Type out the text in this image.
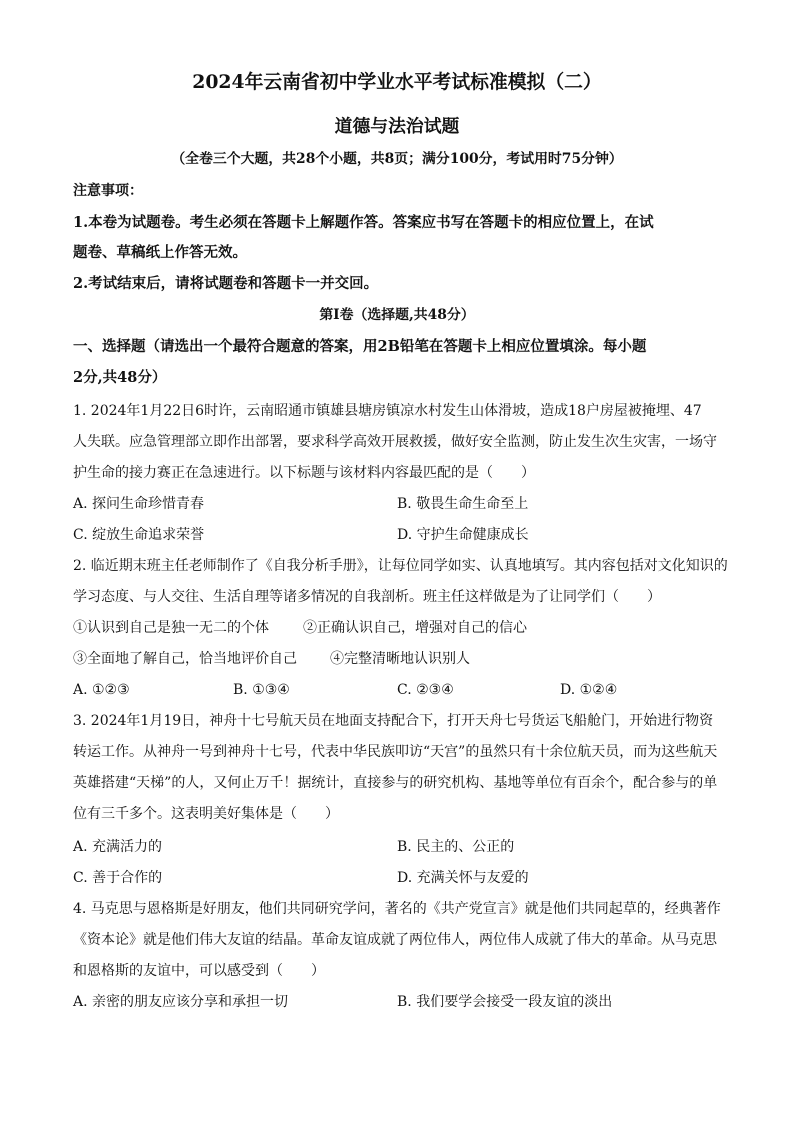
2024年云南省初中学业水平考试标准模拟（二）
道德与法治试题
（全卷三个大题，共28个小题，共8页；满分100分，考试用时75分钟）
注意事项：
1.本卷为试题卷。考生必须在答题卡上解题作答。答案应书写在答题卡的相应位置上，在试
题卷、草稿纸上作答无效。
2.考试结束后，请将试题卷和答题卡一并交回。
第Ⅰ卷（选择题,共48分）
一、选择题（请选出一个最符合题意的答案，用2B铅笔在答题卡上相应位置填涂。每小题
2分,共48分）
1. 2024年1月22日6时许，云南昭通市镇雄县塘房镇凉水村发生山体滑坡，造成18户房屋被掩埋、47
人失联。应急管理部立即作出部署，要求科学高效开展救援，做好安全监测，防止发生次生灾害，一场守
护生命的接力赛正在急速进行。以下标题与该材料内容最匹配的是（　　）
A. 探问生命珍惜青春	B. 敬畏生命生命至上
C. 绽放生命追求荣誉	D. 守护生命健康成长
2. 临近期末班主任老师制作了《自我分析手册》，让每位同学如实、认真地填写。其内容包括对文化知识的
学习态度、与人交往、生活自理等诸多情况的自我剖析。班主任这样做是为了让同学们（　　）
①认识到自己是独一无二的个体 ②正确认识自己，增强对自己的信心
③全面地了解自己，恰当地评价自己 ④完整清晰地认识别人
A. ①②③	B. ①③④	C. ②③④	D. ①②④
3. 2024年1月19日，神舟十七号航天员在地面支持配合下，打开天舟七号货运飞船舱门，开始进行物资
转运工作。从神舟一号到神舟十七号，代表中华民族叩访“天宫”的虽然只有十余位航天员，而为这些航天
英雄搭建“天梯”的人，又何止万千！据统计，直接参与的研究机构、基地等单位有百余个，配合参与的单
位有三千多个。这表明美好集体是（　　）
A. 充满活力的	B. 民主的、公正的
C. 善于合作的	D. 充满关怀与友爱的
4. 马克思与恩格斯是好朋友，他们共同研究学问，著名的《共产党宣言》就是他们共同起草的，经典著作
《资本论》就是他们伟大友谊的结晶。革命友谊成就了两位伟人，两位伟人成就了伟大的革命。从马克思
和恩格斯的友谊中，可以感受到（　　）
A. 亲密的朋友应该分享和承担一切	B. 我们要学会接受一段友谊的淡出
